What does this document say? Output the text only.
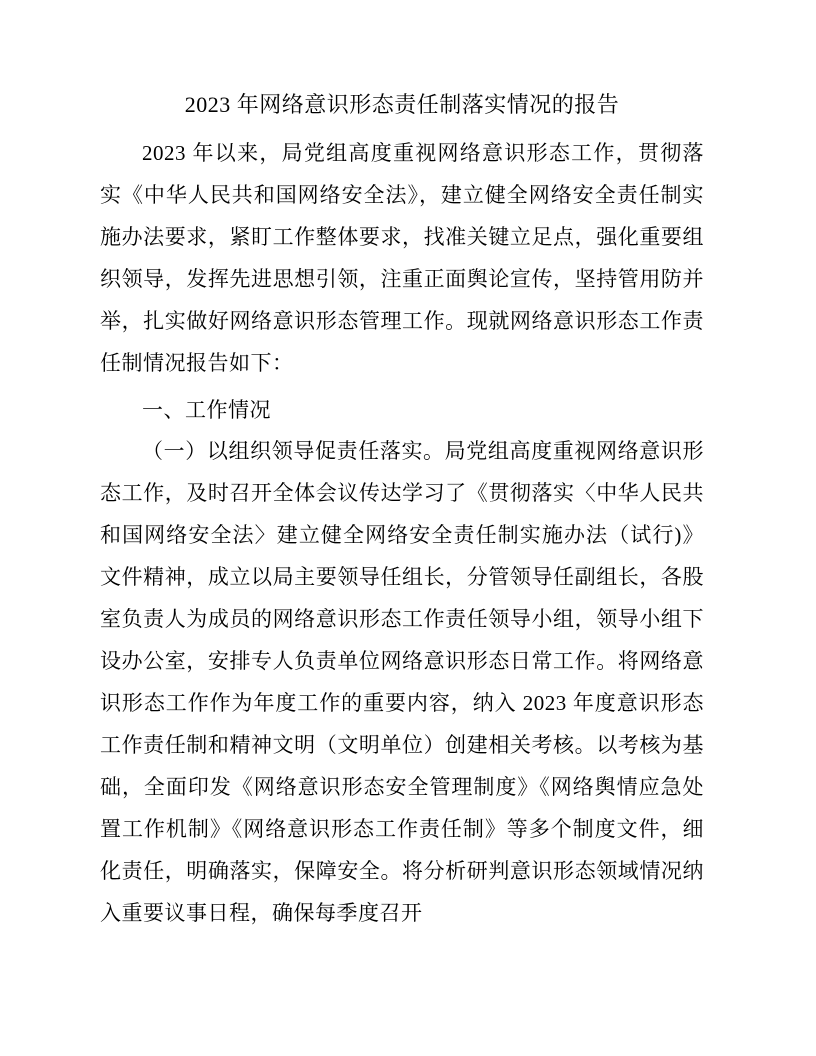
2023 年网络意识形态责任制落实情况的报告

2023 年以来，局党组高度重视网络意识形态工作，贯彻落实《中华人民共和国网络安全法》，建立健全网络安全责任制实施办法要求，紧盯工作整体要求，找准关键立足点，强化重要组织领导，发挥先进思想引领，注重正面舆论宣传，坚持管用防并举，扎实做好网络意识形态管理工作。现就网络意识形态工作责任制情况报告如下：

一、工作情况

（一）以组织领导促责任落实。局党组高度重视网络意识形态工作，及时召开全体会议传达学习了《贯彻落实〈中华人民共和国网络安全法〉建立健全网络安全责任制实施办法（试行)》文件精神，成立以局主要领导任组长，分管领导任副组长，各股室负责人为成员的网络意识形态工作责任领导小组，领导小组下设办公室，安排专人负责单位网络意识形态日常工作。将网络意识形态工作作为年度工作的重要内容，纳入 2023 年度意识形态工作责任制和精神文明（文明单位）创建相关考核。以考核为基础，全面印发《网络意识形态安全管理制度》《网络舆情应急处置工作机制》《网络意识形态工作责任制》等多个制度文件，细化责任，明确落实，保障安全。将分析研判意识形态领域情况纳入重要议事日程，确保每季度召开
